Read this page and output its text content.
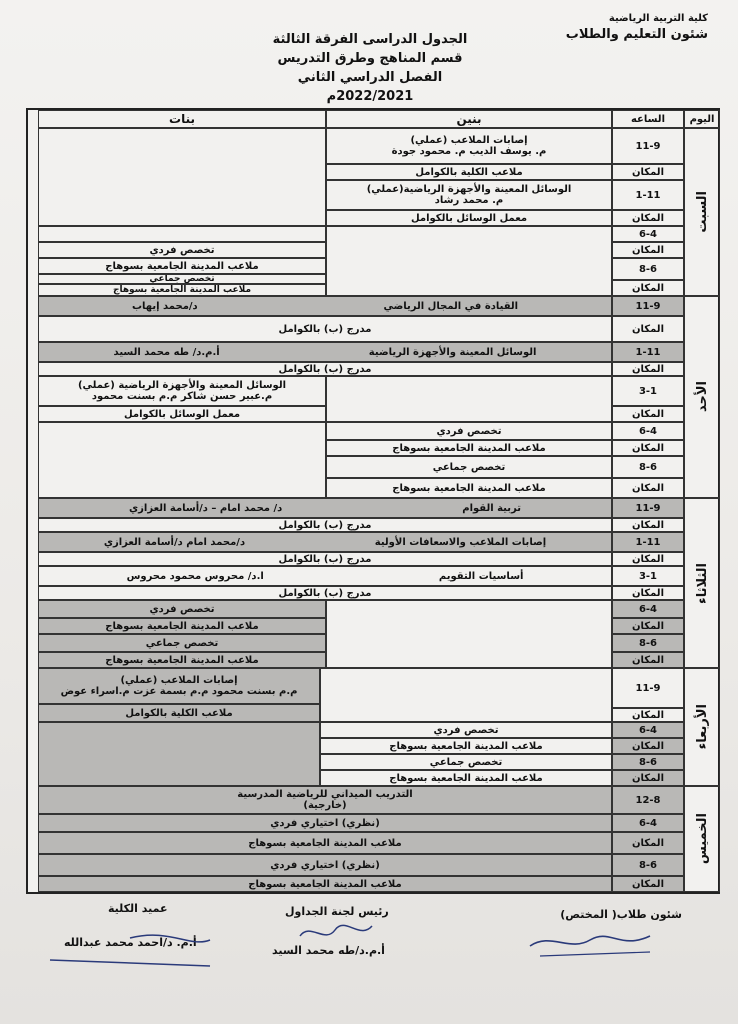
كلية التربية الرياضية
شئون التعليم والطلاب
الجدول الدراسى الفرقة الثالثة
قسم المناهج وطرق التدريس
الفصل الدراسي الثاني 2022/2021م
اليوم
الساعه
بنين
بنات
السبت
الأحد
الثلاثاء
الأربعاء
الخميس
11-9
المكان
1-11
المكان
6-4
المكان
8-6
المكان
إصابات الملاعب (عملي)
م. يوسف الديب م. محمود جودة
ملاعب الكلية بالكوامل
الوسائل المعينة والأجهزة الرياضية(عملي)
م. محمد رشاد
معمل الوسائل بالكوامل
تخصص فردي
ملاعب المدينة الجامعية بسوهاج
تخصص جماعي
ملاعب المدينة الجامعية بسوهاج
11-9
القيادة في المجال الرياضي
د/محمد إيهاب
المكان
مدرج (ب) بالكوامل
1-11
الوسائل المعينة والأجهزة الرياضية
أ.م.د/ طه محمد السيد
المكان
مدرج (ب) بالكوامل
3-1
المكان
6-4
المكان
8-6
المكان
تخصص فردي
ملاعب المدينة الجامعية بسوهاج
تخصص جماعي
ملاعب المدينة الجامعية بسوهاج
الوسائل المعينة والأجهزة الرياضية (عملي)
م.عبير حسن شاكر م.م بسنت محمود
معمل الوسائل بالكوامل
11-9
تربية القوام
د/ محمد امام – د/أسامة العزازي
المكان
مدرج (ب) بالكوامل
1-11
إصابات الملاعب والاسعافات الأولية
د/محمد امام د/أسامة العزازي
المكان
مدرج (ب) بالكوامل
3-1
أساسيات التقويم
ا.د/ محروس محمود محروس
المكان
مدرج (ب) بالكوامل
6-4
المكان
8-6
المكان
تخصص فردي
ملاعب المدينة الجامعية بسوهاج
تخصص جماعي
ملاعب المدينة الجامعية بسوهاج
11-9
المكان
6-4
المكان
8-6
المكان
إصابات الملاعب (عملي)
م.م بسنت محمود م.م بسمة عزت م.اسراء عوض
ملاعب الكلية بالكوامل
تخصص فردي
ملاعب المدينة الجامعية بسوهاج
تخصص جماعي
ملاعب المدينة الجامعية بسوهاج
12-8
التدريب الميداني للرياضية المدرسية
(خارجية)
6-4
(نظري) اختياري فردي
المكان
ملاعب المدينة الجامعية بسوهاج
8-6
(نظري) اختياري فردي
المكان
ملاعب المدينة الجامعية بسوهاج
شئون طلاب( المختص)
رئيس لجنة الجداول
أ.م.د/طه محمد السيد
عميد الكلية
أ.م. د/احمد محمد عبدالله
